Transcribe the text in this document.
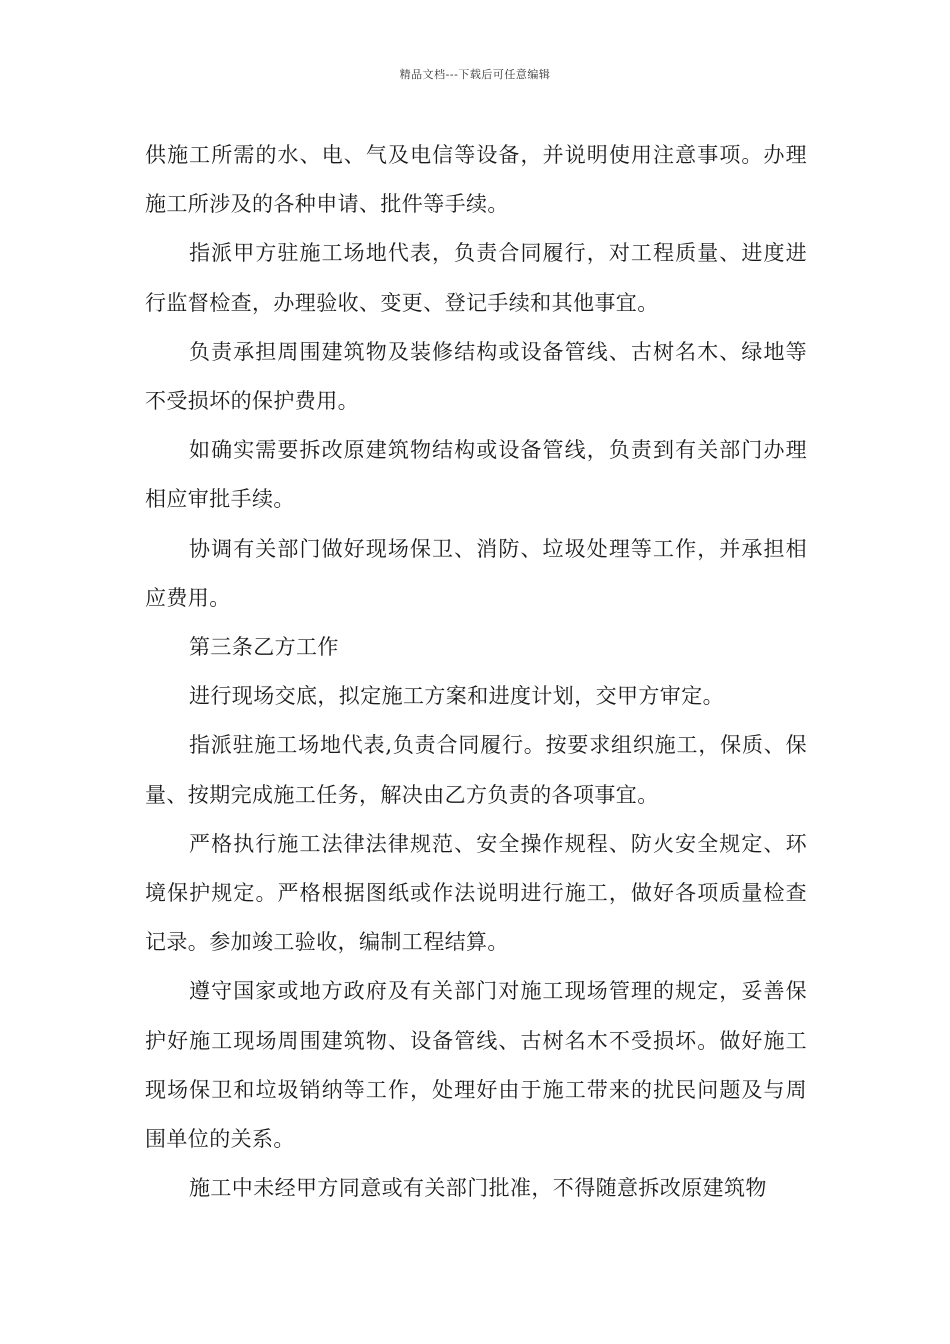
精品文档---下载后可任意编辑

供施工所需的水、电、气及电信等设备，并说明使用注意事项。办理施工所涉及的各种申请、批件等手续。

指派甲方驻施工场地代表，负责合同履行，对工程质量、进度进行监督检查，办理验收、变更、登记手续和其他事宜。

负责承担周围建筑物及装修结构或设备管线、古树名木、绿地等不受损坏的保护费用。

如确实需要拆改原建筑物结构或设备管线，负责到有关部门办理相应审批手续。

协调有关部门做好现场保卫、消防、垃圾处理等工作，并承担相应费用。

第三条乙方工作

进行现场交底，拟定施工方案和进度计划，交甲方审定。

指派驻施工场地代表,负责合同履行。按要求组织施工，保质、保量、按期完成施工任务，解决由乙方负责的各项事宜。

严格执行施工法律法律规范、安全操作规程、防火安全规定、环境保护规定。严格根据图纸或作法说明进行施工，做好各项质量检查记录。参加竣工验收，编制工程结算。

遵守国家或地方政府及有关部门对施工现场管理的规定，妥善保护好施工现场周围建筑物、设备管线、古树名木不受损坏。做好施工现场保卫和垃圾销纳等工作，处理好由于施工带来的扰民问题及与周围单位的关系。

施工中未经甲方同意或有关部门批准，不得随意拆改原建筑物
